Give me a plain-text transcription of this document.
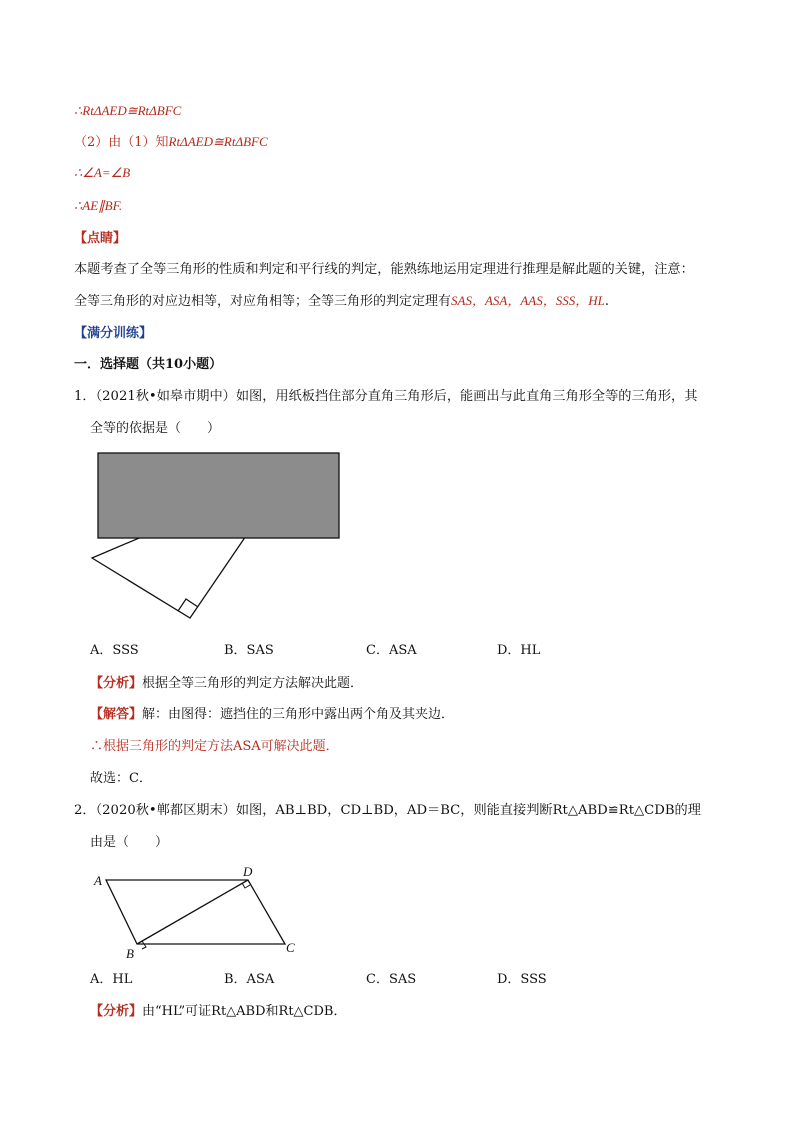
∴RtΔAED≅RtΔBFC
（2）由（1）知RtΔAED≅RtΔBFC
∴∠A=∠B
∴AE∥BF.
【点睛】
本题考查了全等三角形的性质和判定和平行线的判定，能熟练地运用定理进行推理是解此题的关键，注意：
全等三角形的对应边相等，对应角相等；全等三角形的判定定理有SAS，ASA，AAS，SSS，HL.
【满分训练】
一．选择题（共10小题）
1．（2021秋•如皋市期中）如图，用纸板挡住部分直角三角形后，能画出与此直角三角形全等的三角形，其
全等的依据是（　　）
A．SSS	B．SAS	C．ASA	D．HL
【分析】根据全等三角形的判定方法解决此题．
【解答】解：由图得：遮挡住的三角形中露出两个角及其夹边．
∴根据三角形的判定方法ASA可解决此题．
故选：C．
2．（2020秋•郸都区期末）如图，AB⊥BD，CD⊥BD，AD＝BC，则能直接判断Rt△ABD≌Rt△CDB的理
由是（　　）
A
D
B	C
A．HL	B．ASA	C．SAS	D．SSS
【分析】由“HL”可证Rt△ABD和Rt△CDB．
